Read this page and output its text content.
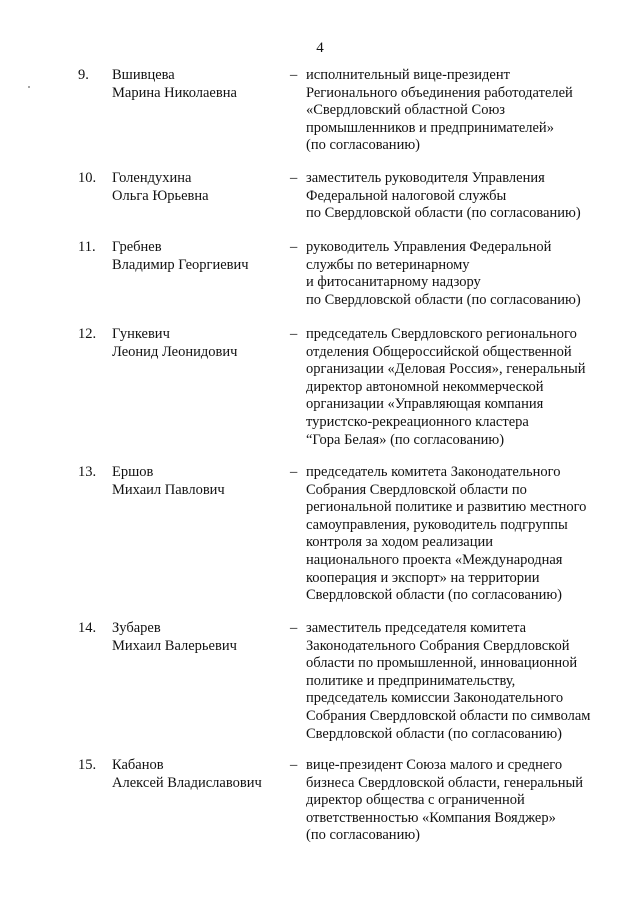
4
9.	Вшивцева
Марина Николаевна
– исполнительный вице-президент
Регионального объединения работодателей
«Свердловский областной Союз
промышленников и предпринимателей»
(по согласованию)
10.	Голендухина
Ольга Юрьевна
– заместитель руководителя Управления
Федеральной налоговой службы
по Свердловской области (по согласованию)
11.	Гребнев
Владимир Георгиевич
– руководитель Управления Федеральной
службы по ветеринарному
и фитосанитарному надзору
по Свердловской области (по согласованию)
12.	Гункевич
Леонид Леонидович
– председатель Свердловского регионального
отделения Общероссийской общественной
организации «Деловая Россия», генеральный
директор автономной некоммерческой
организации «Управляющая компания
туристско-рекреационного кластера
“Гора Белая» (по согласованию)
13.	Ершов
Михаил Павлович
– председатель комитета Законодательного
Собрания Свердловской области по
региональной политике и развитию местного
самоуправления, руководитель подгруппы
контроля за ходом реализации
национального проекта «Международная
кооперация и экспорт» на территории
Свердловской области (по согласованию)
14.	Зубарев
Михаил Валерьевич
– заместитель председателя комитета
Законодательного Собрания Свердловской
области по промышленной, инновационной
политике и предпринимательству,
председатель комиссии Законодательного
Собрания Свердловской области по символам
Свердловской области (по согласованию)
15.	Кабанов
Алексей Владиславович
– вице-президент Союза малого и среднего
бизнеса Свердловской области, генеральный
директор общества с ограниченной
ответственностью «Компания Вояджер»
(по согласованию)
